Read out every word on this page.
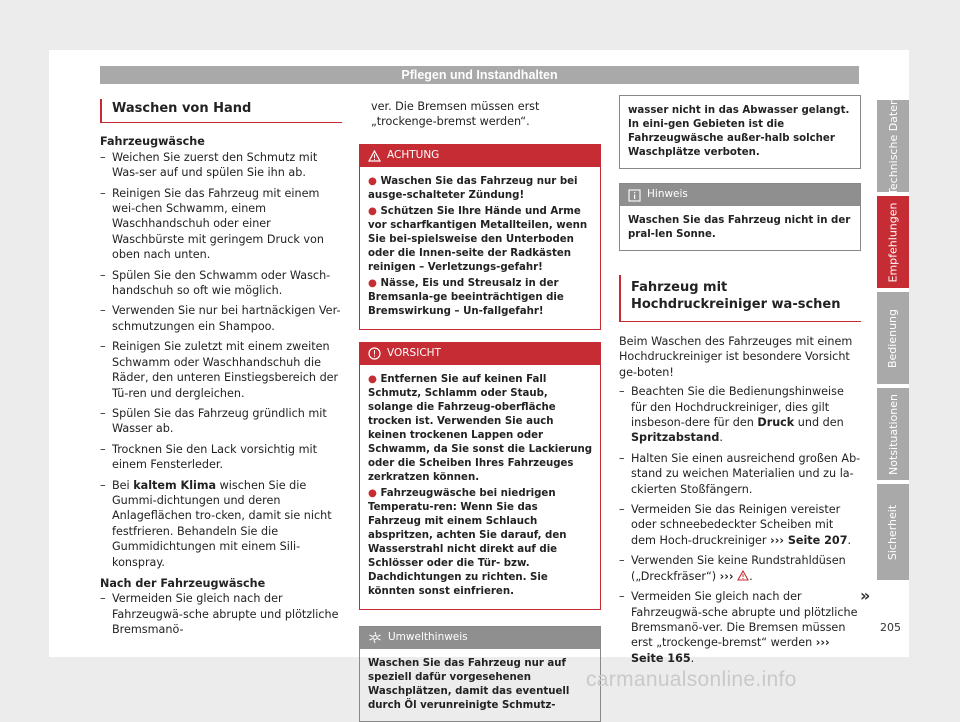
Pflegen und Instandhalten
Waschen von Hand

Fahrzeugwäsche

– Weichen Sie zuerst den Schmutz mit Was-ser auf und spülen Sie ihn ab.
– Reinigen Sie das Fahrzeug mit einem wei-chen Schwamm, einem Waschhandschuh oder einer Waschbürste mit geringem Druck von oben nach unten.
– Spülen Sie den Schwamm oder Wasch-handschuh so oft wie möglich.
– Verwenden Sie nur bei hartnäckigen Ver-schmutzungen ein Shampoo.
– Reinigen Sie zuletzt mit einem zweiten Schwamm oder Waschhandschuh die Räder, den unteren Einstiegsbereich der Tü-ren und dergleichen.
– Spülen Sie das Fahrzeug gründlich mit Wasser ab.
– Trocknen Sie den Lack vorsichtig mit einem Fensterleder.
– Bei kaltem Klima wischen Sie die Gummi-dichtungen und deren Anlageflächen tro-cken, damit sie nicht festfrieren. Behandeln Sie die Gummidichtungen mit einem Sili-konspray.

Nach der Fahrzeugwäsche

– Vermeiden Sie gleich nach der Fahrzeugwä-sche abrupte und plötzliche Bremsmanö-

ver. Die Bremsen müssen erst „trockenge-bremst werden“.

ACHTUNG
● Waschen Sie das Fahrzeug nur bei ausge-schalteter Zündung!
● Schützen Sie Ihre Hände und Arme vor scharfkantigen Metallteilen, wenn Sie bei-spielsweise den Unterboden oder die Innen-seite der Radkästen reinigen – Verletzungs-gefahr!
● Nässe, Eis und Streusalz in der Bremsanla-ge beeinträchtigen die Bremswirkung – Un-fallgefahr!
VORSICHT
● Entfernen Sie auf keinen Fall Schmutz, Schlamm oder Staub, solange die Fahrzeug-oberfläche trocken ist. Verwenden Sie auch keinen trockenen Lappen oder Schwamm, da Sie sonst die Lackierung oder die Scheiben Ihres Fahrzeuges zerkratzen können.
● Fahrzeugwäsche bei niedrigen Temperatu-ren: Wenn Sie das Fahrzeug mit einem Schlauch abspritzen, achten Sie darauf, den Wasserstrahl nicht direkt auf die Schlösser oder die Tür- bzw. Dachdichtungen zu richten. Sie könnten sonst einfrieren.
Umwelthinweis
Waschen Sie das Fahrzeug nur auf speziell dafür vorgesehenen Waschplätzen, damit das eventuell durch Öl verunreinigte Schmutz-
wasser nicht in das Abwasser gelangt. In eini-gen Gebieten ist die Fahrzeugwäsche außer-halb solcher Waschplätze verboten.
Hinweis
Waschen Sie das Fahrzeug nicht in der pral-len Sonne.
Fahrzeug mit Hochdruckreiniger wa-schen

Beim Waschen des Fahrzeuges mit einem Hochdruckreiniger ist besondere Vorsicht ge-boten!

– Beachten Sie die Bedienungshinweise für den Hochdruckreiniger, dies gilt insbeson-dere für den Druck und den Spritzabstand.
– Halten Sie einen ausreichend großen Ab-stand zu weichen Materialien und zu la-ckierten Stoßfängern.
– Vermeiden Sie das Reinigen vereister oder schneebedeckter Scheiben mit dem Hoch-druckreiniger ››› Seite 207.
– Verwenden Sie keine Rundstrahldüsen („Dreckfräser“) ››› .
– Vermeiden Sie gleich nach der Fahrzeugwä-sche abrupte und plötzliche Bremsmanö-ver. Die Bremsen müssen erst „trockenge-bremst“ werden ››› Seite 165.
Technische Daten
Empfehlungen
Bedienung
Notsituationen
Sicherheit
»
205
carmanualsonline.info
